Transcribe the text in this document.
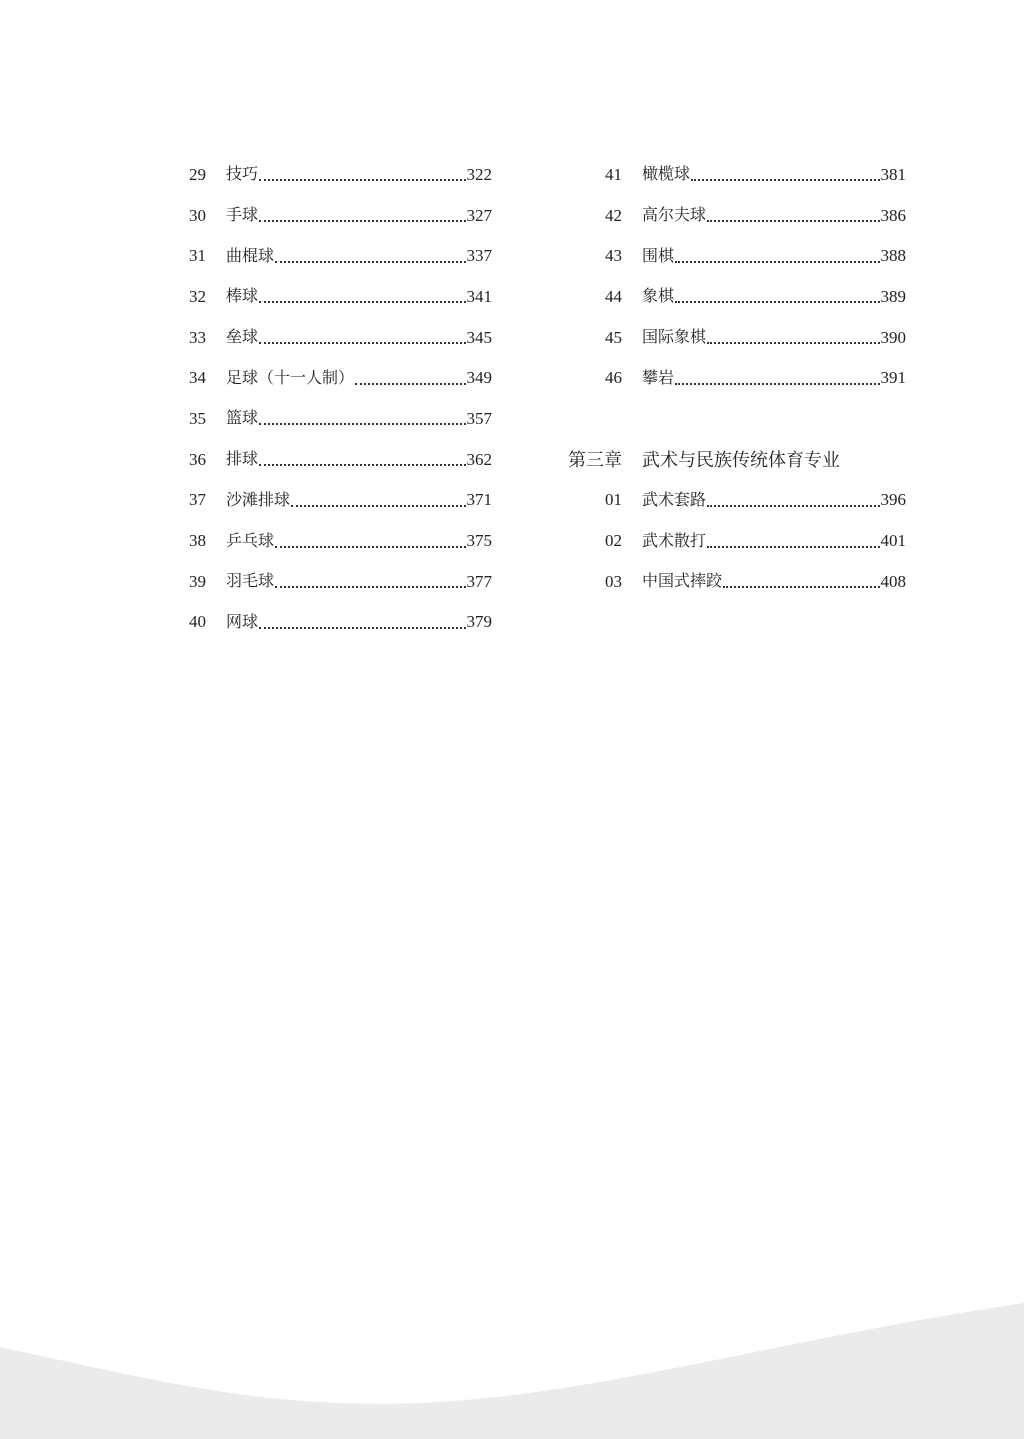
29	技巧	322
30	手球	327
31	曲棍球	337
32	棒球	341
33	垒球	345
34	足球（十一人制）	349
35	篮球	357
36	排球	362
37	沙滩排球	371
38	乒乓球	375
39	羽毛球	377
40	网球	379
41	橄榄球	381
42	高尔夫球	386
43	围棋	388
44	象棋	389
45	国际象棋	390
46	攀岩	391
第三章 武术与民族传统体育专业
01	武术套路	396
02	武术散打	401
03	中国式摔跤	408
